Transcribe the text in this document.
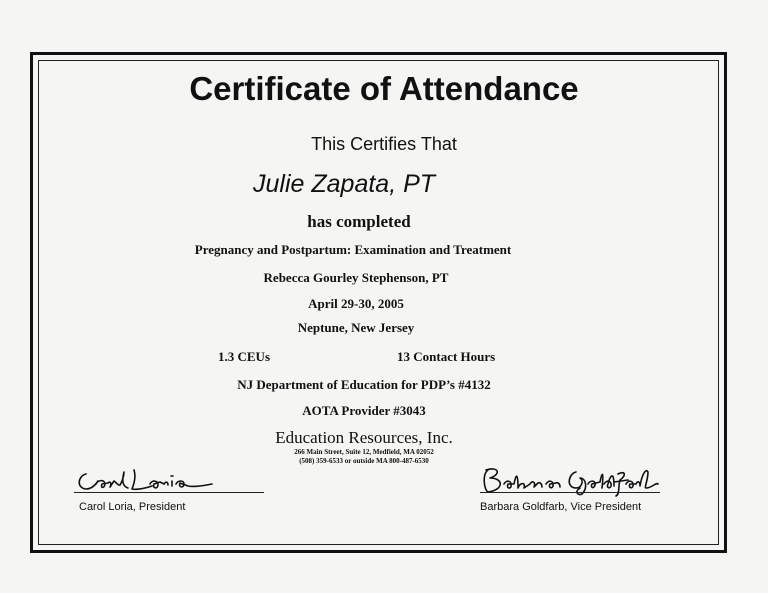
Certificate of Attendance
This Certifies That
Julie Zapata, PT
has completed
Pregnancy and Postpartum: Examination and Treatment
Rebecca Gourley Stephenson, PT
April 29-30, 2005
Neptune, New Jersey
1.3 CEUs	13 Contact Hours
NJ Department of Education for PDP’s #4132
AOTA Provider #3043
Education Resources, Inc.
266 Main Street, Suite 12, Medfield, MA 02052
(508) 359-6533 or outside MA 800-487-6530
Carol Loria, President	Barbara Goldfarb, Vice President
